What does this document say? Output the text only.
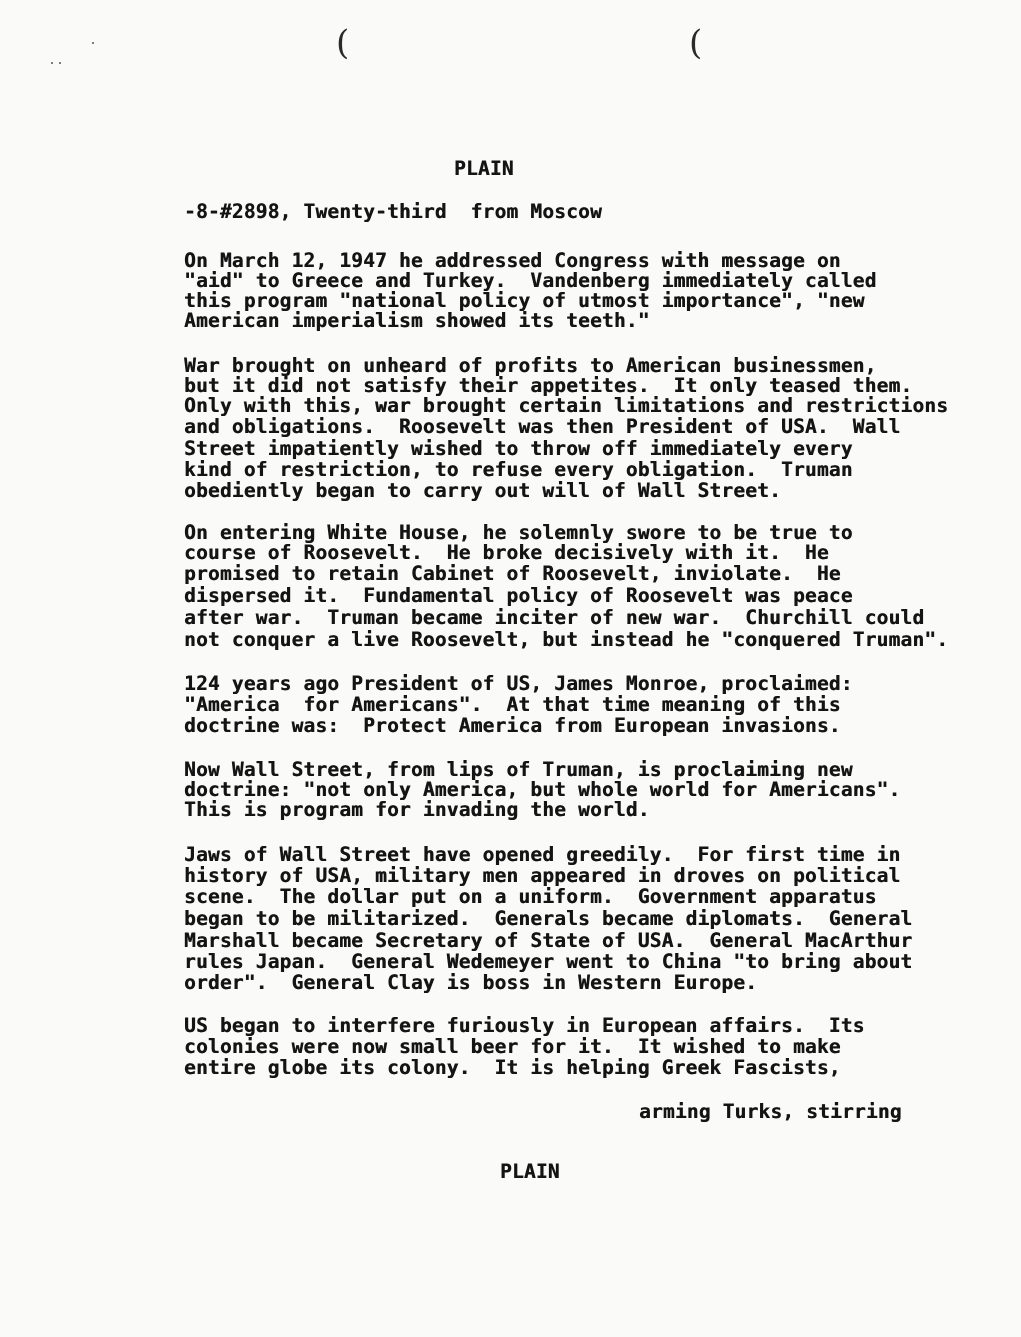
(	(
PLAIN
-8-#2898, Twenty-third  from Moscow
On March 12, 1947 he addressed Congress with message on
"aid" to Greece and Turkey.  Vandenberg immediately called
this program "national policy of utmost importance", "new
American imperialism showed its teeth."
War brought on unheard of profits to American businessmen,
but it did not satisfy their appetites.  It only teased them.
Only with this, war brought certain limitations and restrictions
and obligations.  Roosevelt was then President of USA.  Wall
Street impatiently wished to throw off immediately every
kind of restriction, to refuse every obligation.  Truman
obediently began to carry out will of Wall Street.
On entering White House, he solemnly swore to be true to
course of Roosevelt.  He broke decisively with it.  He
promised to retain Cabinet of Roosevelt, inviolate.  He
dispersed it.  Fundamental policy of Roosevelt was peace
after war.  Truman became inciter of new war.  Churchill could
not conquer a live Roosevelt, but instead he "conquered Truman".
124 years ago President of US, James Monroe, proclaimed:
"America  for Americans".  At that time meaning of this
doctrine was:  Protect America from European invasions.
Now Wall Street, from lips of Truman, is proclaiming new
doctrine: "not only America, but whole world for Americans".
This is program for invading the world.
Jaws of Wall Street have opened greedily.  For first time in
history of USA, military men appeared in droves on political
scene.  The dollar put on a uniform.  Government apparatus
began to be militarized.  Generals became diplomats.  General
Marshall became Secretary of State of USA.  General MacArthur
rules Japan.  General Wedemeyer went to China "to bring about
order".  General Clay is boss in Western Europe.
US began to interfere furiously in European affairs.  Its
colonies were now small beer for it.  It wished to make
entire globe its colony.  It is helping Greek Fascists,
arming Turks, stirring
PLAIN
